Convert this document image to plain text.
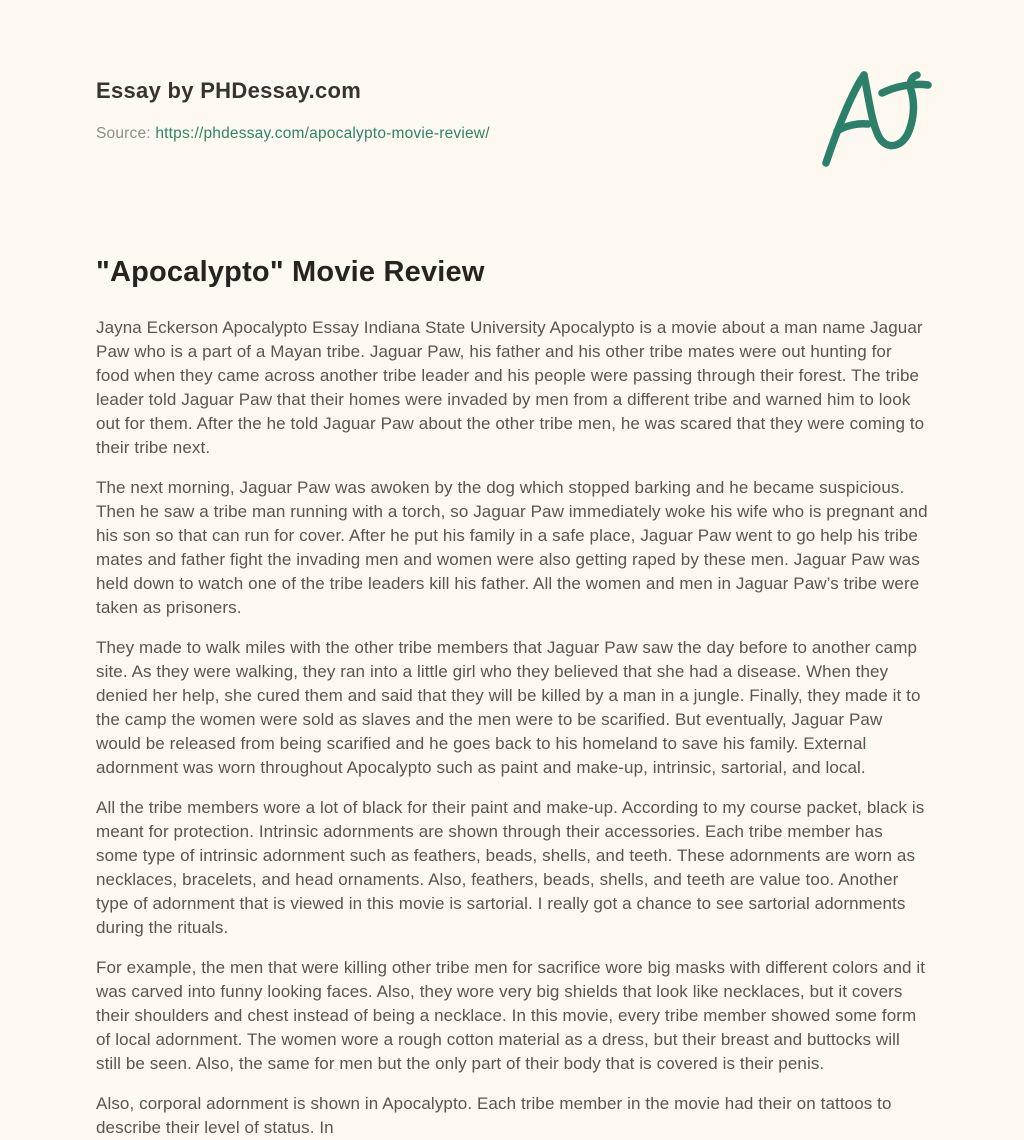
Essay by PHDessay.com
Source: https://phdessay.com/apocalypto-movie-review/
"Apocalypto" Movie Review

Jayna Eckerson Apocalypto Essay Indiana State University Apocalypto is a movie about a man name Jaguar Paw who is a part of a Mayan tribe. Jaguar Paw, his father and his other tribe mates were out hunting for food when they came across another tribe leader and his people were passing through their forest. The tribe leader told Jaguar Paw that their homes were invaded by men from a different tribe and warned him to look out for them. After the he told Jaguar Paw about the other tribe men, he was scared that they were coming to their tribe next.

The next morning, Jaguar Paw was awoken by the dog which stopped barking and he became suspicious. Then he saw a tribe man running with a torch, so Jaguar Paw immediately woke his wife who is pregnant and his son so that can run for cover. After he put his family in a safe place, Jaguar Paw went to go help his tribe mates and father fight the invading men and women were also getting raped by these men. Jaguar Paw was held down to watch one of the tribe leaders kill his father. All the women and men in Jaguar Paw’s tribe were taken as prisoners.

They made to walk miles with the other tribe members that Jaguar Paw saw the day before to another camp site. As they were walking, they ran into a little girl who they believed that she had a disease. When they denied her help, she cured them and said that they will be killed by a man in a jungle. Finally, they made it to the camp the women were sold as slaves and the men were to be scarified. But eventually, Jaguar Paw would be released from being scarified and he goes back to his homeland to save his family. External adornment was worn throughout Apocalypto such as paint and make-up, intrinsic, sartorial, and local.

All the tribe members wore a lot of black for their paint and make-up. According to my course packet, black is meant for protection. Intrinsic adornments are shown through their accessories. Each tribe member has some type of intrinsic adornment such as feathers, beads, shells, and teeth. These adornments are worn as necklaces, bracelets, and head ornaments. Also, feathers, beads, shells, and teeth are value too. Another type of adornment that is viewed in this movie is sartorial. I really got a chance to see sartorial adornments during the rituals.

For example, the men that were killing other tribe men for sacrifice wore big masks with different colors and it was carved into funny looking faces. Also, they wore very big shields that look like necklaces, but it covers their shoulders and chest instead of being a necklace. In this movie, every tribe member showed some form of local adornment. The women wore a rough cotton material as a dress, but their breast and buttocks will still be seen. Also, the same for men but the only part of their body that is covered is their penis.

Also, corporal adornment is shown in Apocalypto. Each tribe member in the movie had their on tattoos to describe their level of status. In
